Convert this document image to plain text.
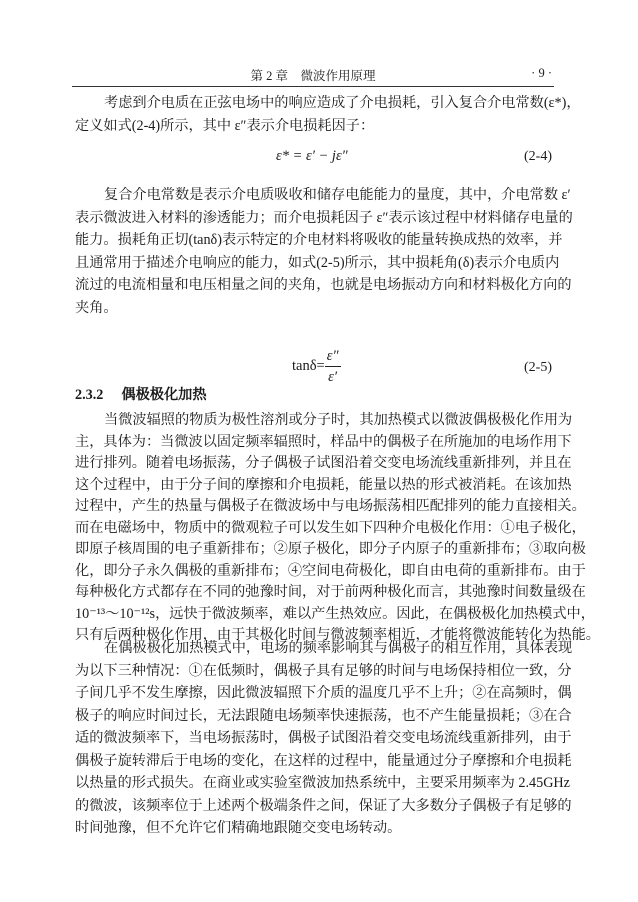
第 2 章　微波作用原理	· 9 ·
考虑到介电质在正弦电场中的响应造成了介电损耗，引入复合介电常数(ε*)，
定义如式(2-4)所示，其中 ε″表示介电损耗因子：
ε* = ε′ − jε″	(2-4)
复合介电常数是表示介电质吸收和储存电能能力的量度，其中，介电常数 ε′
表示微波进入材料的渗透能力；而介电损耗因子 ε″表示该过程中材料储存电量的
能力。损耗角正切(tanδ)表示特定的介电材料将吸收的能量转换成热的效率，并
且通常用于描述介电响应的能力，如式(2-5)所示，其中损耗角(δ)表示介电质内
流过的电流相量和电压相量之间的夹角，也就是电场振动方向和材料极化方向的
夹角。
$\tan\delta= \frac{\varepsilon''}{\varepsilon'}$	(2-5)
2.3.2 偶极极化加热
当微波辐照的物质为极性溶剂或分子时，其加热模式以微波偶极极化作用为
主，具体为：当微波以固定频率辐照时，样品中的偶极子在所施加的电场作用下
进行排列。随着电场振荡，分子偶极子试图沿着交变电场流线重新排列，并且在
这个过程中，由于分子间的摩擦和介电损耗，能量以热的形式被消耗。在该加热
过程中，产生的热量与偶极子在微波场中与电场振荡相匹配排列的能力直接相关。
而在电磁场中，物质中的微观粒子可以发生如下四种介电极化作用：①电子极化，
即原子核周围的电子重新排布；②原子极化，即分子内原子的重新排布；③取向极
化，即分子永久偶极的重新排布；④空间电荷极化，即自由电荷的重新排布。由于
每种极化方式都存在不同的弛豫时间，对于前两种极化而言，其弛豫时间数量级在
10⁻¹³～10⁻¹²s，远快于微波频率，难以产生热效应。因此，在偶极极化加热模式中，
只有后两种极化作用，由于其极化时间与微波频率相近，才能将微波能转化为热能。
在偶极极化加热模式中，电场的频率影响其与偶极子的相互作用，具体表现
为以下三种情况：①在低频时，偶极子具有足够的时间与电场保持相位一致，分
子间几乎不发生摩擦，因此微波辐照下介质的温度几乎不上升；②在高频时，偶
极子的响应时间过长，无法跟随电场频率快速振荡，也不产生能量损耗；③在合
适的微波频率下，当电场振荡时，偶极子试图沿着交变电场流线重新排列，由于
偶极子旋转滞后于电场的变化，在这样的过程中，能量通过分子摩擦和介电损耗
以热量的形式损失。在商业或实验室微波加热系统中，主要采用频率为 2.45GHz
的微波，该频率位于上述两个极端条件之间，保证了大多数分子偶极子有足够的
时间弛豫，但不允许它们精确地跟随交变电场转动。
